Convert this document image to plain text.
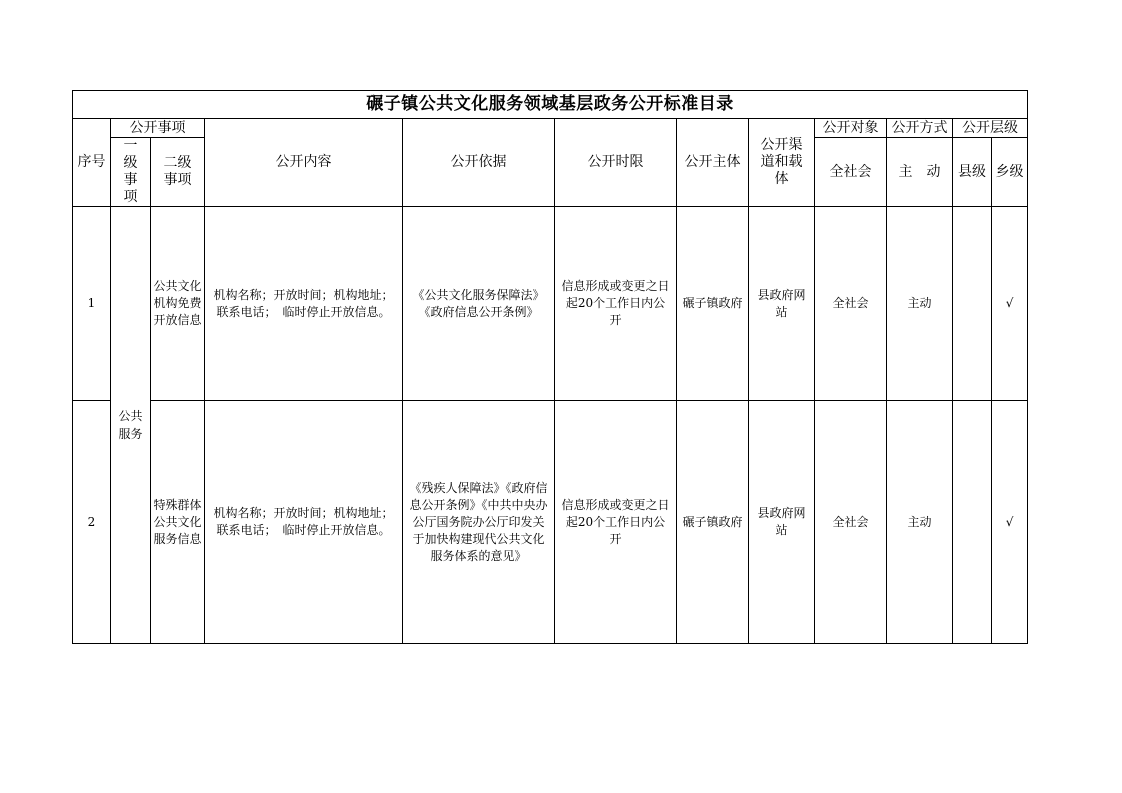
碾子镇公共文化服务领域基层政务公开标准目录											
序号	公开事项		公开内容	公开依据	公开时限	公开主体	公开渠道和载体	公开对象	公开方式	公开层级	
	一级事项	二级事项						全社会	主　动	县级	乡级

1	公共服务	公共文化机构免费开放信息	机构名称；开放时间；机构地址；联系电话；　临时停止开放信息。	《公共文化服务保障法》《政府信息公开条例》	信息形成或变更之日起20个工作日内公开	碾子镇政府	县政府网站	全社会	主动		√
2		特殊群体公共文化服务信息	机构名称；开放时间；机构地址；联系电话；　临时停止开放信息。	《残疾人保障法》《政府信息公开条例》《中共中央办公厅国务院办公厅印发关于加快构建现代公共文化服务体系的意见》	信息形成或变更之日起20个工作日内公开	碾子镇政府	县政府网站	全社会	主动		√
